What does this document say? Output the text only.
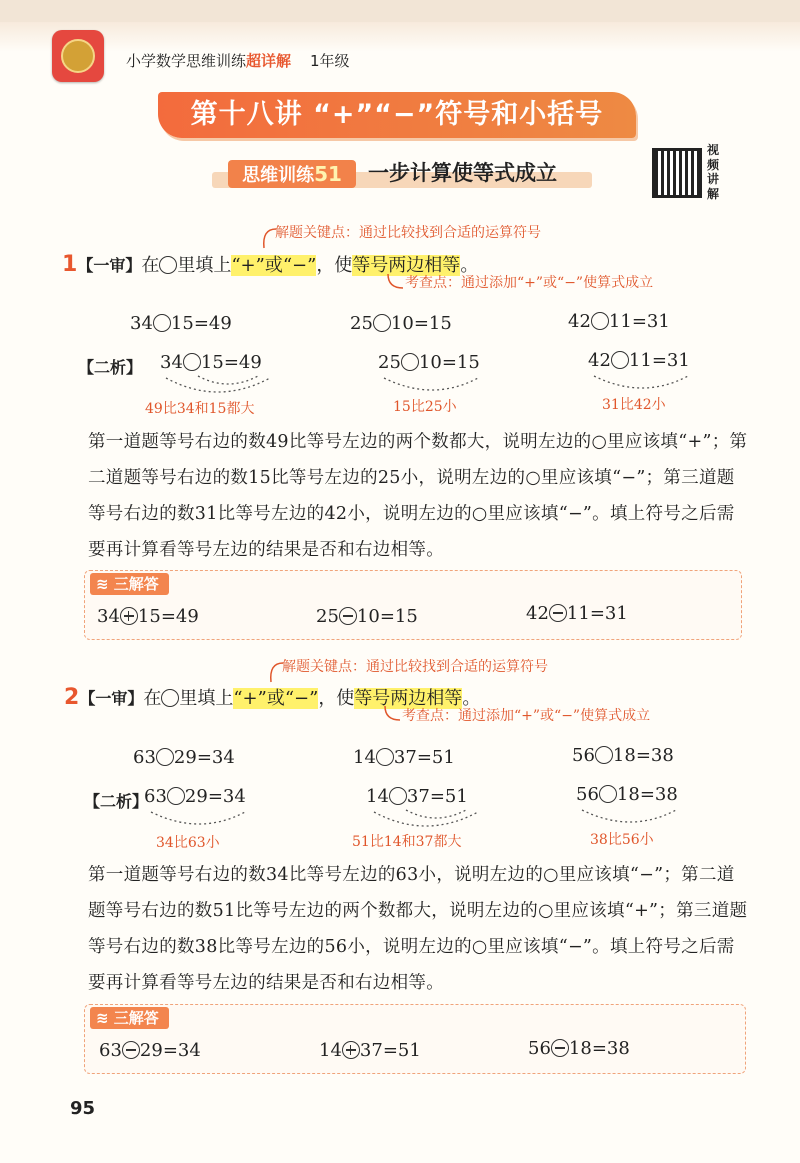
小学数学思维训练超详解 1年级
第十八讲 “+”“−”符号和小括号
思维训练51	一步计算使等式成立
视
频
讲
解
解题关键点：通过比较找到合适的运算符号
1【一审】在 里填上“+”或“−”，使等号两边相等。
考查点：通过添加“+”或“−”使算式成立
34 15=49	25 10=15	42 11=31
【二析】 34 15=49	25 10=15	42 11=31
49比34和15都大	15比25小	31比42小
第一道题等号右边的数49比等号左边的两个数都大，说明左边的○里应该填“+”；第二道题等号右边的数15比等号左边的25小，说明左边的○里应该填“−”；第三道题等号右边的数31比等号左边的42小，说明左边的○里应该填“−”。填上符号之后需要再计算看等号左边的结果是否和右边相等。
≋ 三解答
34 15=49	25 10=15	42 11=31
解题关键点：通过比较找到合适的运算符号
2【一审】在 里填上“+”或“−”，使等号两边相等。
考查点：通过添加“+”或“−”使算式成立
63 29=34	14 37=51	56 18=38
【二析】
63 29=34	14 37=51	56 18=38
34比63小	51比14和37都大	38比56小
第一道题等号右边的数34比等号左边的63小，说明左边的○里应该填“−”；第二道题等号右边的数51比等号左边的两个数都大，说明左边的○里应该填“+”；第三道题等号右边的数38比等号左边的56小，说明左边的○里应该填“−”。填上符号之后需要再计算看等号左边的结果是否和右边相等。
≋ 三解答
63 29=34	14 37=51	56 18=38
95
